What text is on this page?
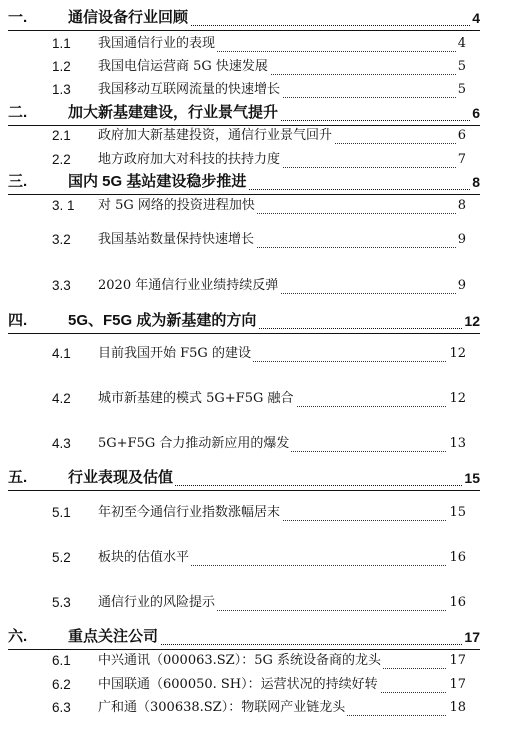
一.	通信设备行业回顾	4
1.1 我国通信行业的表现	4
1.2 我国电信运营商 5G 快速发展	5
1.3 我国移动互联网流量的快速增长	5
二.	加大新基建建设，行业景气提升	6
2.1 政府加大新基建投资，通信行业景气回升	6
2.2 地方政府加大对科技的扶持力度	7
三.	国内 5G 基站建设稳步推进	8
3. 1 对 5G 网络的投资进程加快	8
3.2 我国基站数量保持快速增长	9
3.3 2020 年通信行业业绩持续反弹	9
四.	5G、F5G 成为新基建的方向	12
4.1 目前我国开始 F5G 的建设	12
4.2 城市新基建的模式 5G+F5G 融合	12
4.3 5G+F5G 合力推动新应用的爆发	13
五.	行业表现及估值	15
5.1 年初至今通信行业指数涨幅居末	15
5.2 板块的估值水平	16
5.3 通信行业的风险提示	16
六.	重点关注公司	17
6.1 中兴通讯（000063.SZ）：5G 系统设备商的龙头	17
6.2 中国联通（600050. SH）：运营状况的持续好转	17
6.3 广和通（300638.SZ）：物联网产业链龙头	18
